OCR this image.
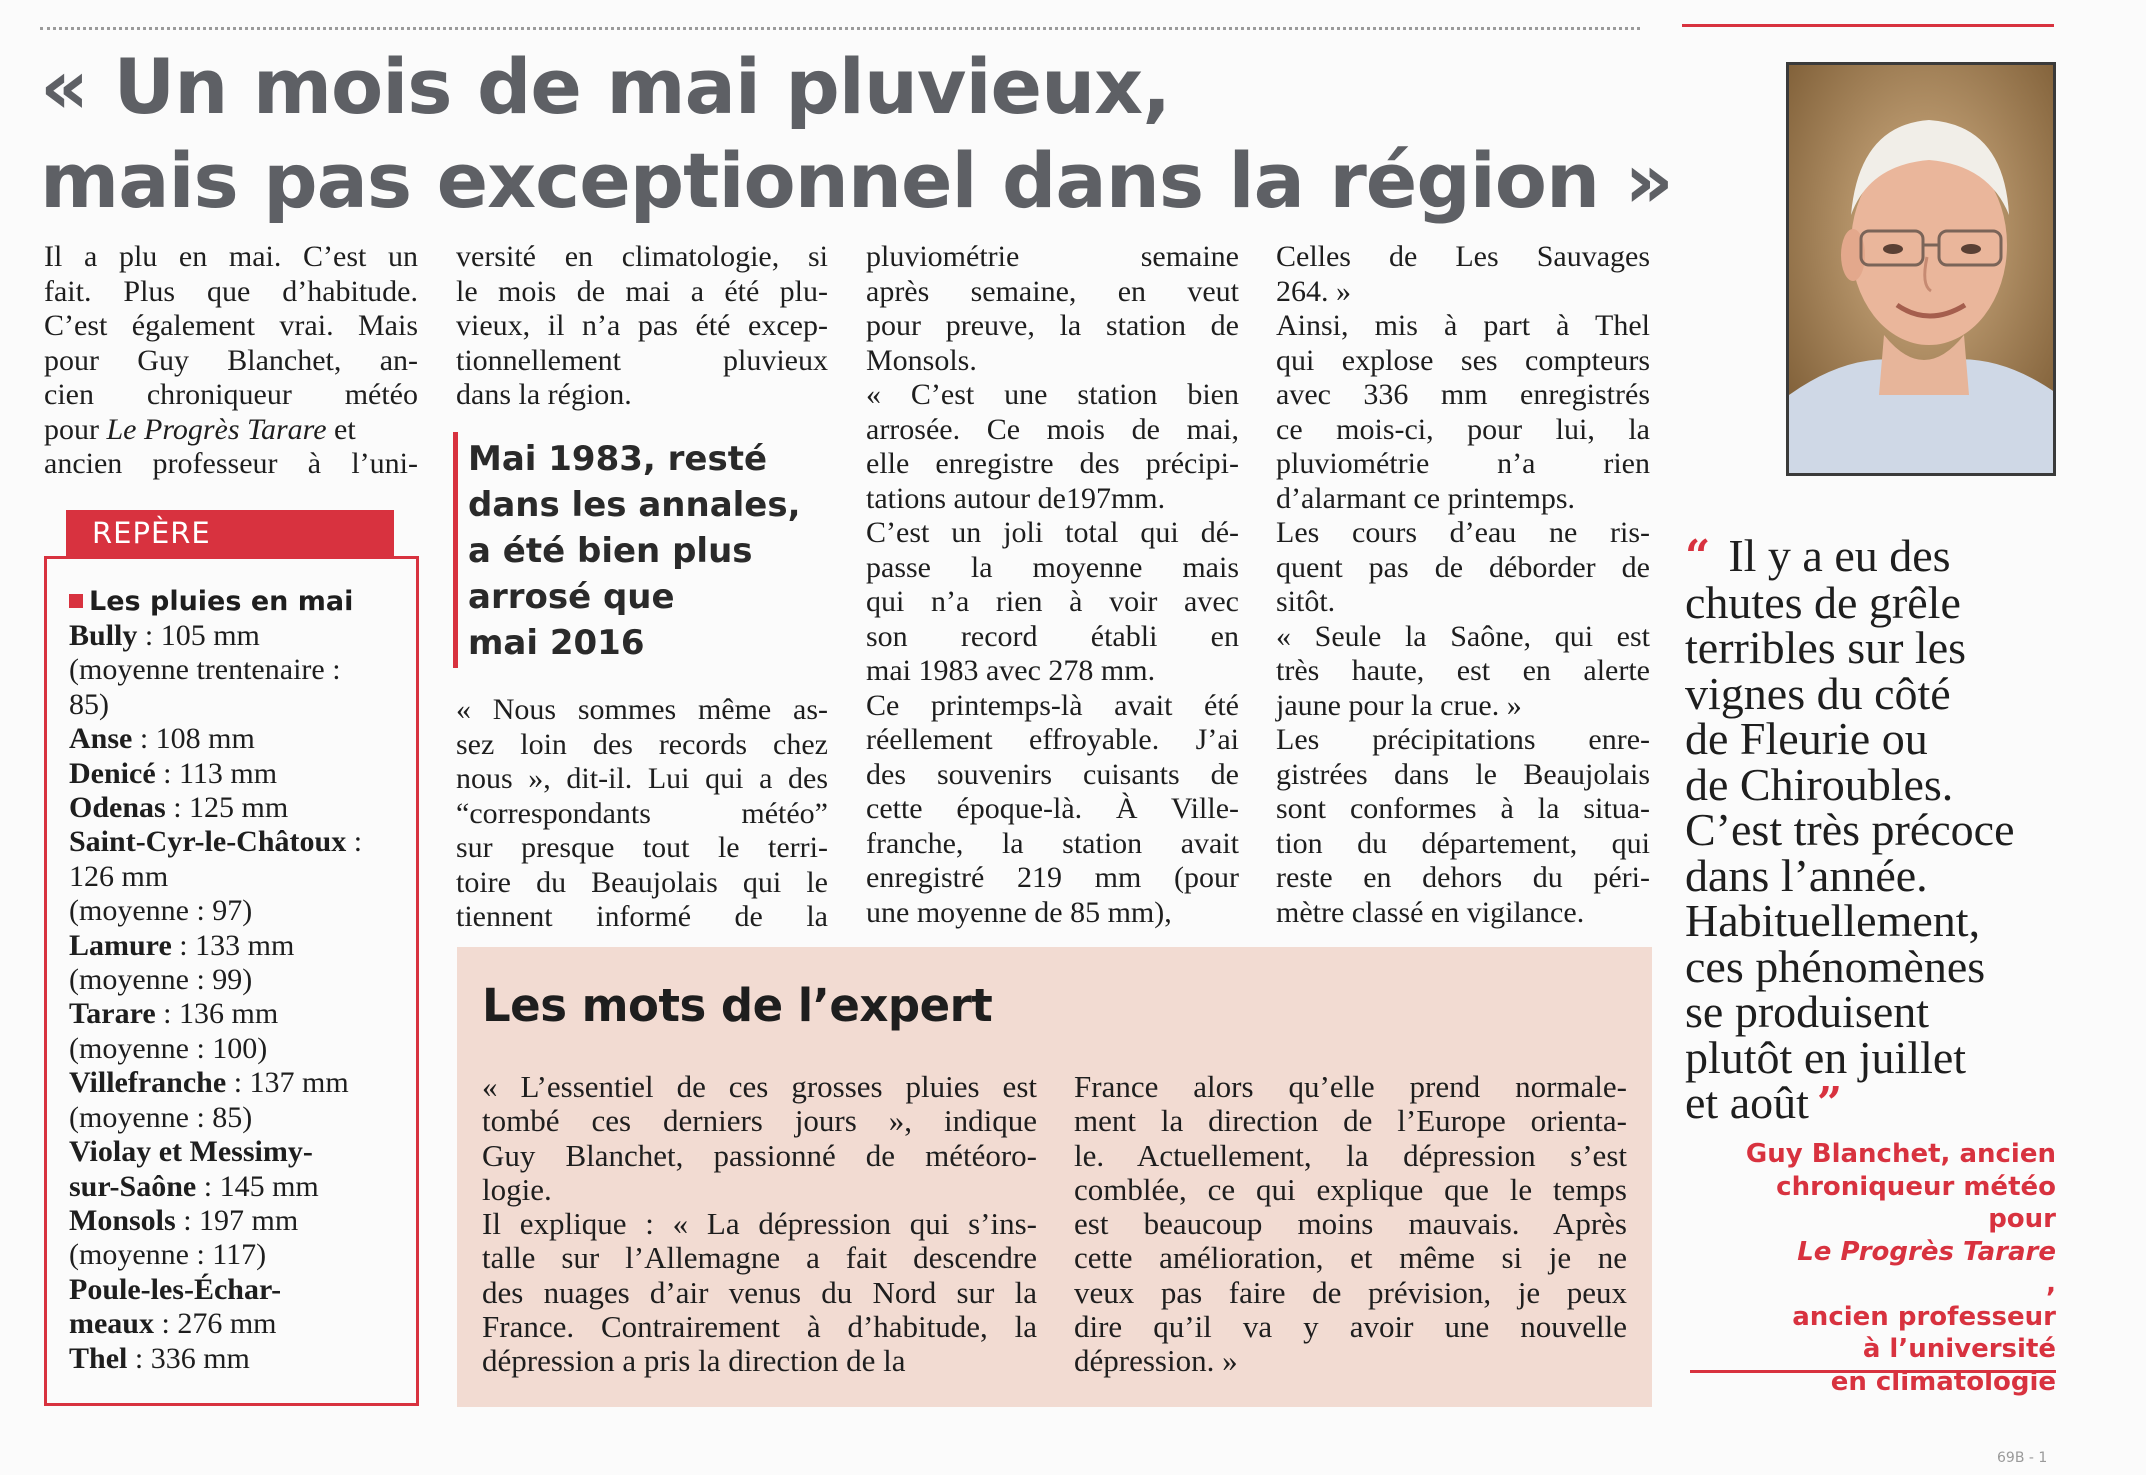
« Un mois de mai pluvieux,
mais pas exceptionnel dans la région »
Il a plu en mai. C’est un
fait. Plus que d’habitude.
C’est également vrai. Mais
pour Guy Blanchet, an-
cien chroniqueur météo
pour Le Progrès Tarare et
ancien professeur à l’uni-
REPÈRE
Les pluies en mai
Bully : 105 mm
(moyenne trentenaire :
85)
Anse : 108 mm
Denicé : 113 mm
Odenas : 125 mm
Saint-Cyr-le-Châtoux :
126 mm
(moyenne : 97)
Lamure : 133 mm
(moyenne : 99)
Tarare : 136 mm
(moyenne : 100)
Villefranche : 137 mm
(moyenne : 85)
Violay et Messimy-
sur-Saône : 145 mm
Monsols : 197 mm
(moyenne : 117)
Poule-les-Échar-
meaux : 276 mm
Thel : 336 mm
versité en climatologie, si
le mois de mai a été plu-
vieux, il n’a pas été excep-
tionnellement pluvieux
dans la région.
Mai 1983, resté
dans les annales,
a été bien plus
arrosé que
mai 2016
« Nous sommes même as-
sez loin des records chez
nous », dit-il. Lui qui a des
“correspondants météo”
sur presque tout le terri-
toire du Beaujolais qui le
tiennent informé de la
pluviométrie semaine
après semaine, en veut
pour preuve, la station de
Monsols.
« C’est une station bien
arrosée. Ce mois de mai,
elle enregistre des précipi-
tations autour de197mm.
C’est un joli total qui dé-
passe la moyenne mais
qui n’a rien à voir avec
son record établi en
mai 1983 avec 278 mm.
Ce printemps-là avait été
réellement effroyable. J’ai
des souvenirs cuisants de
cette époque-là. À Ville-
franche, la station avait
enregistré 219 mm (pour
une moyenne de 85 mm),
Celles de Les Sauvages
264. »
Ainsi, mis à part à Thel
qui explose ses compteurs
avec 336 mm enregistrés
ce mois-ci, pour lui, la
pluviométrie n’a rien
d’alarmant ce printemps.
Les cours d’eau ne ris-
quent pas de déborder de
sitôt.
« Seule la Saône, qui est
très haute, est en alerte
jaune pour la crue. »
Les précipitations enre-
gistrées dans le Beaujolais
sont conformes à la situa-
tion du département, qui
reste en dehors du péri-
mètre classé en vigilance.
Les mots de l’expert
« L’essentiel de ces grosses pluies est
tombé ces derniers jours », indique
Guy Blanchet, passionné de météoro-
logie.
Il explique : « La dépression qui s’ins-
talle sur l’Allemagne a fait descendre
des nuages d’air venus du Nord sur la
France. Contrairement à d’habitude, la
dépression a pris la direction de la
France alors qu’elle prend normale-
ment la direction de l’Europe orienta-
le. Actuellement, la dépression s’est
comblée, ce qui explique que le temps
est beaucoup moins mauvais. Après
cette amélioration, et même si je ne
veux pas faire de prévision, je peux
dire qu’il va y avoir une nouvelle
dépression. »
“ Il y a eu des
chutes de grêle
terribles sur les
vignes du côté
de Fleurie ou
de Chiroubles.
C’est très précoce
dans l’année.
Habituellement,
ces phénomènes
se produisent
plutôt en juillet
et août ”
Guy Blanchet, ancien
chroniqueur météo
pour
Le Progrès Tarare
,
ancien professeur
à l’université
en climatologie
69B - 1
